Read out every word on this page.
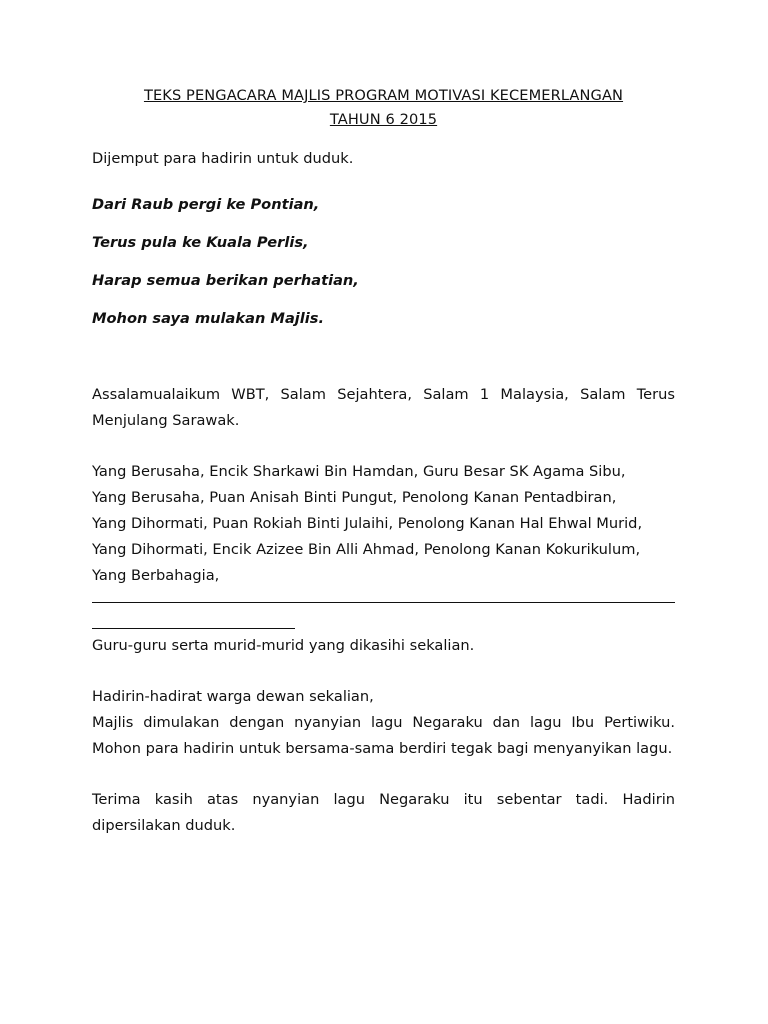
TEKS PENGACARA MAJLIS PROGRAM MOTIVASI KECEMERLANGAN
TAHUN 6 2015

Dijemput para hadirin untuk duduk.

Dari Raub pergi ke Pontian,

Terus pula ke Kuala Perlis,

Harap semua berikan perhatian,

Mohon saya mulakan Majlis.

Assalamualaikum WBT, Salam Sejahtera, Salam 1 Malaysia, Salam Terus Menjulang Sarawak.

Yang Berusaha, Encik Sharkawi Bin Hamdan, Guru Besar SK Agama Sibu,

Yang Berusaha, Puan Anisah Binti Pungut, Penolong Kanan Pentadbiran,

Yang Dihormati, Puan Rokiah Binti Julaihi, Penolong Kanan Hal Ehwal Murid,

Yang Dihormati, Encik Azizee Bin Alli Ahmad, Penolong Kanan Kokurikulum,

Yang Berbahagia,

Guru-guru serta murid-murid yang dikasihi sekalian.

Hadirin-hadirat warga dewan sekalian,

Majlis dimulakan dengan nyanyian lagu Negaraku dan lagu Ibu Pertiwiku. Mohon para hadirin untuk bersama-sama berdiri tegak bagi menyanyikan lagu.

Terima kasih atas nyanyian lagu Negaraku itu sebentar tadi. Hadirin dipersilakan duduk.
